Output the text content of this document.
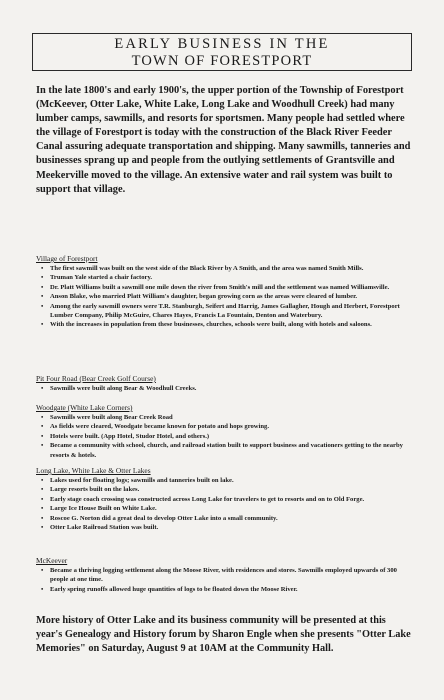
EARLY BUSINESS IN THE
TOWN OF FORESTPORT
In the late 1800's and early 1900's, the upper portion of the Township of Forestport (McKeever, Otter Lake, White Lake, Long Lake and Woodhull Creek) had many lumber camps, sawmills, and resorts for sportsmen. Many people had settled where the village of Forestport is today with the construction of the Black River Feeder Canal assuring adequate transportation and shipping. Many sawmills, tanneries and businesses sprang up and people from the outlying settlements of Grantsville and Meekerville moved to the village. An extensive water and rail system was built to support that village.
Village of Forestport
• The first sawmill was built on the west side of the Black River by A Smith, and the area was named Smith Mills.
• Truman Yale started a chair factory.
• Dr. Platt Williams built a sawmill one mile down the river from Smith's mill and the settlement was named Williamsville.
• Anson Blake, who married Platt William's daughter, began growing corn as the areas were cleared of lumber.
• Among the early sawmill owners were T.R. Stanburgh, Seifert and Harrig, James Gallagher, Hough and Herbert, Forestport Lumber Company, Philip McGuire, Chares Hayes, Francis La Fountain, Denton and Waterbury.
• With the increases in population from these businesses, churches, schools were built, along with hotels and saloons.
Pit Four Road (Bear Creek Golf Course)
• Sawmills were built along Bear & Woodhull Creeks.
Woodgate (White Lake Corners)
• Sawmills were built along Bear Creek Road
• As fields were cleared, Woodgate became known for potato and hops growing.
• Hotels were built. (App Hotel, Studor Hotel, and others.)
• Became a community with school, church, and railroad station built to support business and vacationers getting to the nearby resorts & hotels.
Long Lake, White Lake & Otter Lakes
• Lakes used for floating logs; sawmills and tanneries built on lake.
• Large resorts built on the lakes.
• Early stage coach crossing was constructed across Long Lake for travelers to get to resorts and on to Old Forge.
• Large Ice House Built on White Lake.
• Roscoe G. Norton did a great deal to develop Otter Lake into a small community.
• Otter Lake Railroad Station was built.
McKeever
• Became a thriving logging settlement along the Moose River, with residences and stores. Sawmills employed upwards of 300 people at one time.
• Early spring runoffs allowed huge quantities of logs to be floated down the Moose River.
More history of Otter Lake and its business community will be presented at this year's Genealogy and History forum by Sharon Engle when she presents "Otter Lake Memories" on Saturday, August 9 at 10AM at the Community Hall.
